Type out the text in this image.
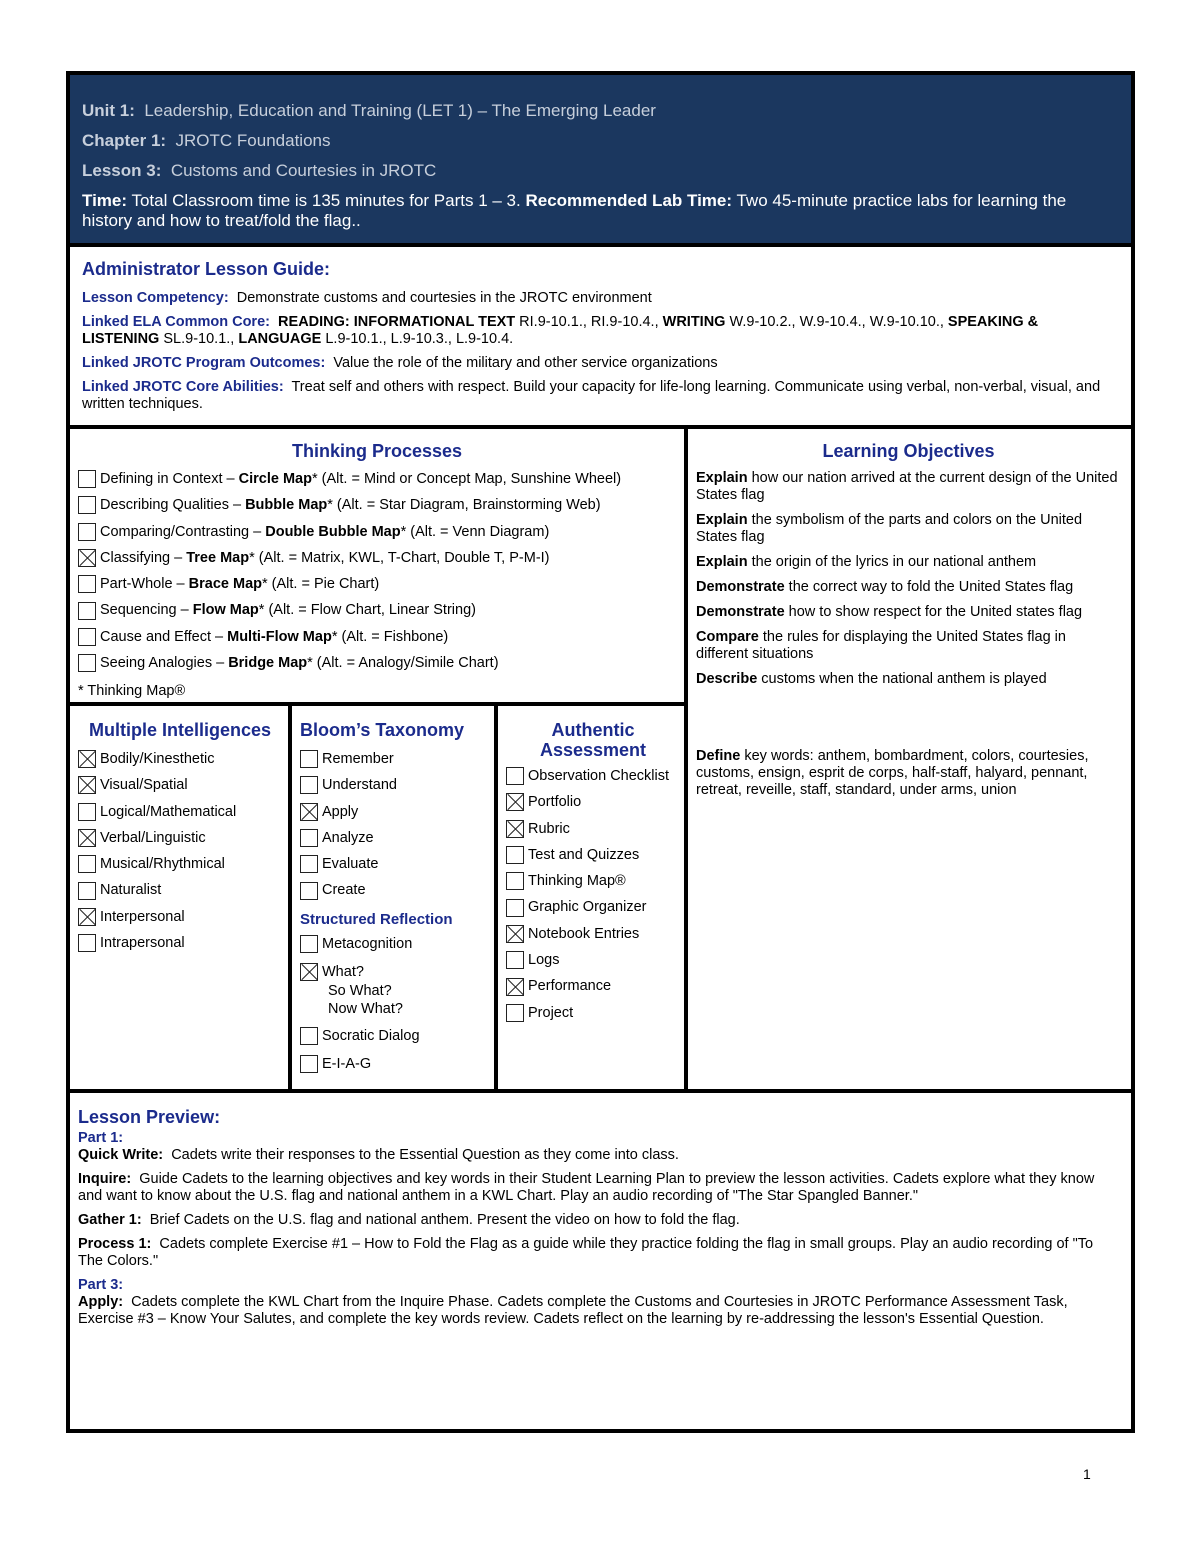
Unit 1: Leadership, Education and Training (LET 1) – The Emerging Leader
Chapter 1: JROTC Foundations
Lesson 3: Customs and Courtesies in JROTC
Time: Total Classroom time is 135 minutes for Parts 1 – 3. Recommended Lab Time: Two 45-minute practice labs for learning the history and how to treat/fold the flag..
Administrator Lesson Guide:

Lesson Competency: Demonstrate customs and courtesies in the JROTC environment

Linked ELA Common Core: READING: INFORMATIONAL TEXT RI.9-10.1., RI.9-10.4., WRITING W.9-10.2., W.9-10.4., W.9-10.10., SPEAKING & LISTENING SL.9-10.1., LANGUAGE L.9-10.1., L.9-10.3., L.9-10.4.

Linked JROTC Program Outcomes: Value the role of the military and other service organizations

Linked JROTC Core Abilities: Treat self and others with respect. Build your capacity for life-long learning. Communicate using verbal, non-verbal, visual, and written techniques.

Thinking Processes
Defining in Context – Circle Map* (Alt. = Mind or Concept Map, Sunshine Wheel)
Describing Qualities – Bubble Map* (Alt. = Star Diagram, Brainstorming Web)
Comparing/Contrasting – Double Bubble Map* (Alt. = Venn Diagram)
Classifying – Tree Map* (Alt. = Matrix, KWL, T-Chart, Double T, P-M-I)
Part-Whole – Brace Map* (Alt. = Pie Chart)
Sequencing – Flow Map* (Alt. = Flow Chart, Linear String)
Cause and Effect – Multi-Flow Map* (Alt. = Fishbone)
Seeing Analogies – Bridge Map* (Alt. = Analogy/Simile Chart)
* Thinking Map®
Learning Objectives

Explain how our nation arrived at the current design of the United States flag

Explain the symbolism of the parts and colors on the United States flag

Explain the origin of the lyrics in our national anthem

Demonstrate the correct way to fold the United States flag

Demonstrate how to show respect for the United states flag

Compare the rules for displaying the United States flag in different situations

Describe customs when the national anthem is played

Define key words: anthem, bombardment, colors, courtesies, customs, ensign, esprit de corps, half-staff, halyard, pennant, retreat, reveille, staff, standard, under arms, union

Multiple Intelligences
Bodily/Kinesthetic
Visual/Spatial
Logical/Mathematical
Verbal/Linguistic
Musical/Rhythmical
Naturalist
Interpersonal
Intrapersonal
Bloom’s Taxonomy
Remember
Understand
Apply
Analyze
Evaluate
Create
Structured Reflection
Metacognition
What?
So What?
Now What?
Socratic Dialog
E-I-A-G
Authentic
Assessment
Observation Checklist
Portfolio
Rubric
Test and Quizzes
Thinking Map®
Graphic Organizer
Notebook Entries
Logs
Performance
Project
Lesson Preview:
Part 1:

Quick Write: Cadets write their responses to the Essential Question as they come into class.

Inquire: Guide Cadets to the learning objectives and key words in their Student Learning Plan to preview the lesson activities. Cadets explore what they know and want to know about the U.S. flag and national anthem in a KWL Chart. Play an audio recording of "The Star Spangled Banner."

Gather 1: Brief Cadets on the U.S. flag and national anthem. Present the video on how to fold the flag.

Process 1: Cadets complete Exercise #1 – How to Fold the Flag as a guide while they practice folding the flag in small groups. Play an audio recording of "To The Colors."

Part 3:

Apply: Cadets complete the KWL Chart from the Inquire Phase. Cadets complete the Customs and Courtesies in JROTC Performance Assessment Task, Exercise #3 – Know Your Salutes, and complete the key words review. Cadets reflect on the learning by re-addressing the lesson's Essential Question.

1
